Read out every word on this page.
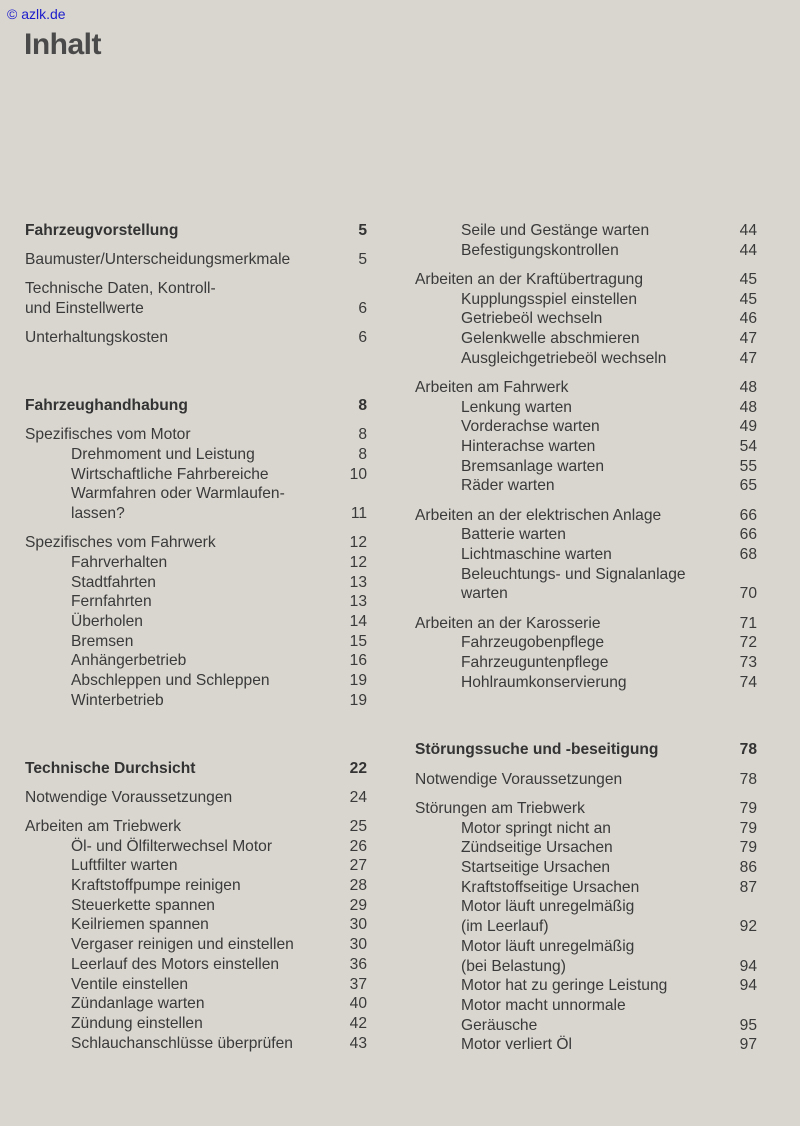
© azlk.de
Inhalt
Fahrzeugvorstellung	5
Baumuster/Unterscheidungsmerkmale	5
Technische Daten, Kontroll-
und Einstellwerte	6
Unterhaltungskosten	6
Fahrzeughandhabung	8
Spezifisches vom Motor	8
Drehmoment und Leistung	8
Wirtschaftliche Fahrbereiche	10
Warmfahren oder Warmlaufen-
lassen?	11
Spezifisches vom Fahrwerk	12
Fahrverhalten	12
Stadtfahrten	13
Fernfahrten	13
Überholen	14
Bremsen	15
Anhängerbetrieb	16
Abschleppen und Schleppen	19
Winterbetrieb	19
Technische Durchsicht	22
Notwendige Voraussetzungen	24
Arbeiten am Triebwerk	25
Öl- und Ölfilterwechsel Motor	26
Luftfilter warten	27
Kraftstoffpumpe reinigen	28
Steuerkette spannen	29
Keilriemen spannen	30
Vergaser reinigen und einstellen	30
Leerlauf des Motors einstellen	36
Ventile einstellen	37
Zündanlage warten	40
Zündung einstellen	42
Schlauchanschlüsse überprüfen	43
Seile und Gestänge warten	44
Befestigungskontrollen	44
Arbeiten an der Kraftübertragung	45
Kupplungsspiel einstellen	45
Getriebeöl wechseln	46
Gelenkwelle abschmieren	47
Ausgleichgetriebeöl wechseln	47
Arbeiten am Fahrwerk	48
Lenkung warten	48
Vorderachse warten	49
Hinterachse warten	54
Bremsanlage warten	55
Räder warten	65
Arbeiten an der elektrischen Anlage	66
Batterie warten	66
Lichtmaschine warten	68
Beleuchtungs- und Signalanlage
warten	70
Arbeiten an der Karosserie	71
Fahrzeugobenpflege	72
Fahrzeuguntenpflege	73
Hohlraumkonservierung	74
Störungssuche und -beseitigung	78
Notwendige Voraussetzungen	78
Störungen am Triebwerk	79
Motor springt nicht an	79
Zündseitige Ursachen	79
Startseitige Ursachen	86
Kraftstoffseitige Ursachen	87
Motor läuft unregelmäßig
(im Leerlauf)	92
Motor läuft unregelmäßig
(bei Belastung)	94
Motor hat zu geringe Leistung	94
Motor macht unnormale
Geräusche	95
Motor verliert Öl	97
